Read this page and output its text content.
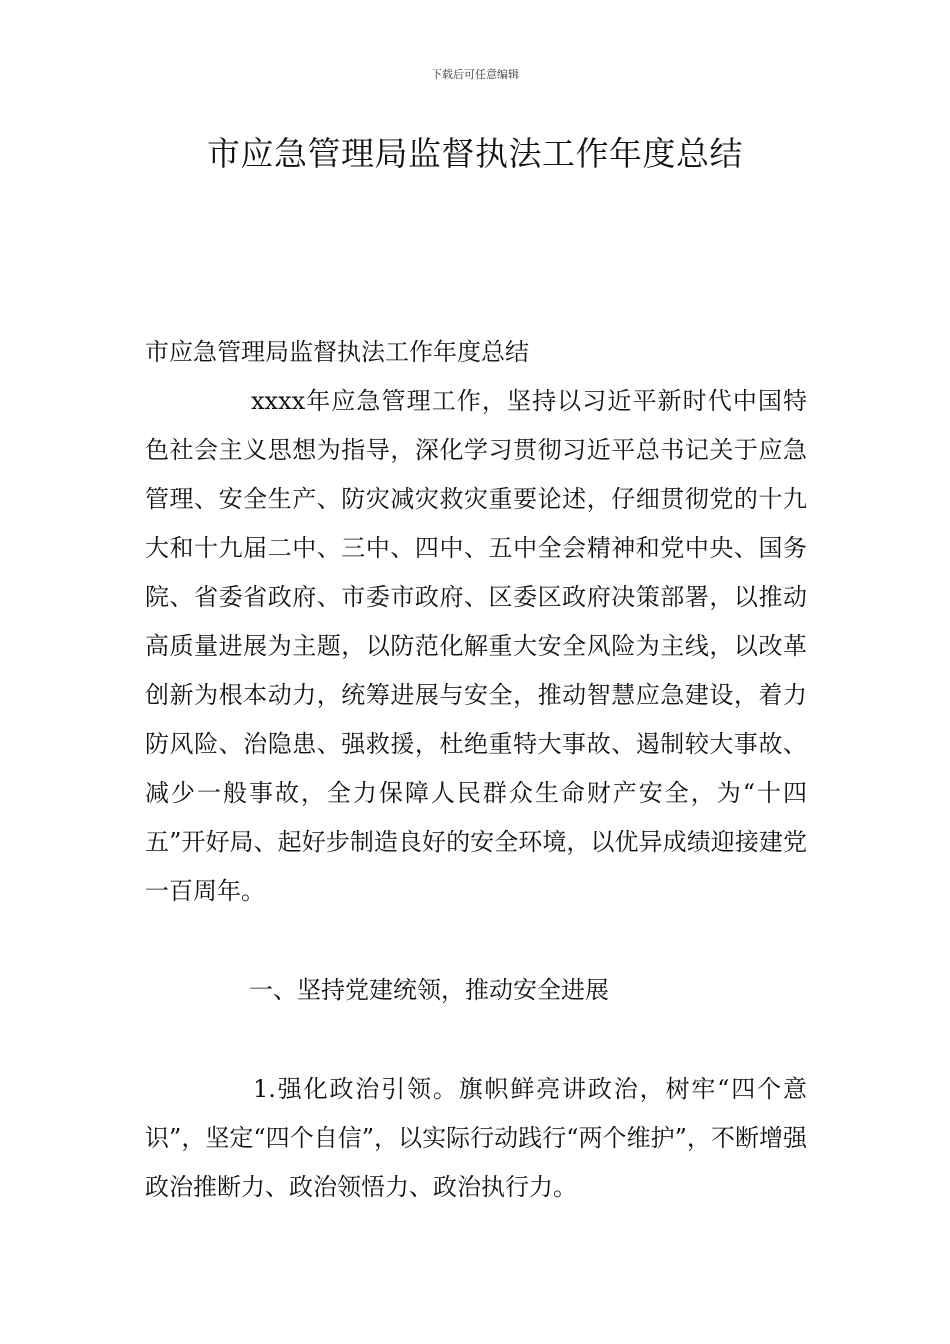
下载后可任意编辑
市应急管理局监督执法工作年度总结

市应急管理局监督执法工作年度总结

xxxx年应急管理工作，坚持以习近平新时代中国特色社会主义思想为指导，深化学习贯彻习近平总书记关于应急管理、安全生产、防灾减灾救灾重要论述，仔细贯彻党的十九大和十九届二中、三中、四中、五中全会精神和党中央、国务院、省委省政府、市委市政府、区委区政府决策部署，以推动高质量进展为主题，以防范化解重大安全风险为主线，以改革创新为根本动力，统筹进展与安全，推动智慧应急建设，着力防风险、治隐患、强救援，杜绝重特大事故、遏制较大事故、减少一般事故，全力保障人民群众生命财产安全，为“十四五”开好局、起好步制造良好的安全环境，以优异成绩迎接建党一百周年。

一、坚持党建统领，推动安全进展

1.强化政治引领。旗帜鲜亮讲政治，树牢“四个意识”，坚定“四个自信”，以实际行动践行“两个维护”，不断增强政治推断力、政治领悟力、政治执行力。
